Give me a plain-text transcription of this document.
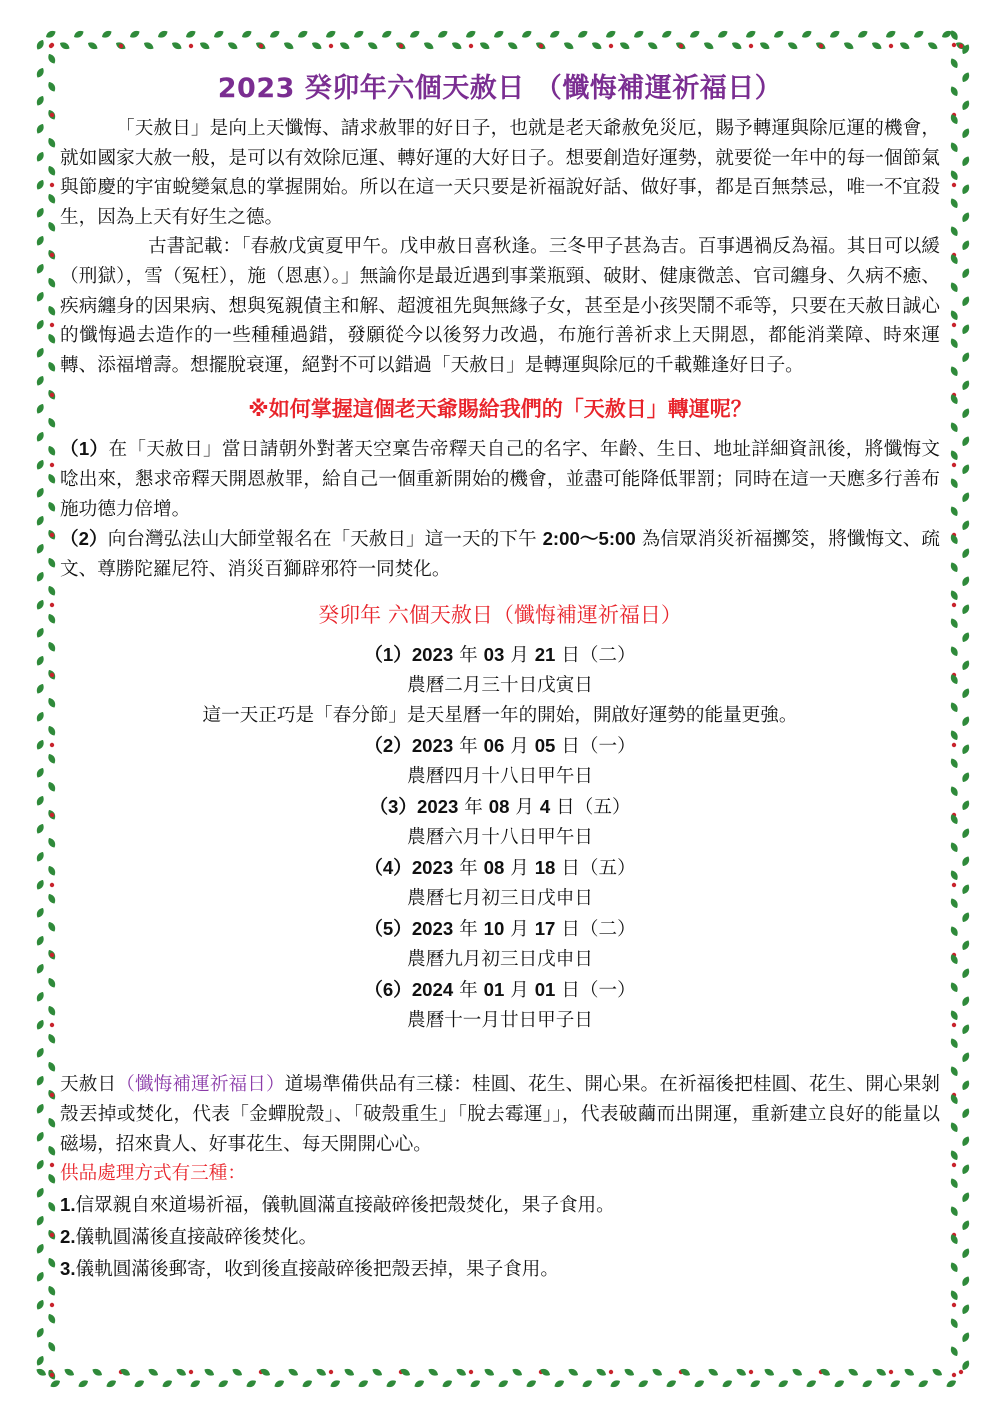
2023 癸卯年六個天赦日 （懺悔補運祈福日）

「天赦日」是向上天懺悔、請求赦罪的好日子，也就是老天爺赦免災厄，賜予轉運與除厄運的機會，就如國家大赦一般，是可以有效除厄運、轉好運的大好日子。想要創造好運勢，就要從一年中的每一個節氣與節慶的宇宙蛻變氣息的掌握開始。所以在這一天只要是祈福說好話、做好事，都是百無禁忌，唯一不宜殺生，因為上天有好生之德。

古書記載：「春赦戊寅夏甲午。戊申赦日喜秋逢。三冬甲子甚為吉。百事遇禍反為福。其日可以緩（刑獄），雪（冤枉），施（恩惠）。」無論你是最近遇到事業瓶頸、破財、健康微恙、官司纏身、久病不癒、疾病纏身的因果病、想與冤親債主和解、超渡祖先與無緣子女，甚至是小孩哭鬧不乖等，只要在天赦日誠心的懺悔過去造作的一些種種過錯，發願從今以後努力改過，布施行善祈求上天開恩，都能消業障、時來運轉、添福增壽。想擺脫衰運，絕對不可以錯過「天赦日」是轉運與除厄的千載難逢好日子。

※如何掌握這個老天爺賜給我們的「天赦日」轉運呢？

（1）在「天赦日」當日請朝外對著天空稟告帝釋天自己的名字、年齡、生日、地址詳細資訊後，將懺悔文唸出來，懇求帝釋天開恩赦罪，給自己一個重新開始的機會，並盡可能降低罪罰；同時在這一天應多行善布施功德力倍增。

（2）向台灣弘法山大師堂報名在「天赦日」這一天的下午 2:00～5:00 為信眾消災祈福擲筊，將懺悔文、疏文、尊勝陀羅尼符、消災百獅辟邪符一同焚化。

癸卯年 六個天赦日（懺悔補運祈福日）
（1）2023 年 03 月 21 日（二）
農曆二月三十日戊寅日
這一天正巧是「春分節」是天星曆一年的開始，開啟好運勢的能量更強。
（2）2023 年 06 月 05 日（一）
農曆四月十八日甲午日
（3）2023 年 08 月 4 日（五）
農曆六月十八日甲午日
（4）2023 年 08 月 18 日（五）
農曆七月初三日戊申日
（5）2023 年 10 月 17 日（二）
農曆九月初三日戊申日
（6）2024 年 01 月 01 日（一）
農曆十一月廿日甲子日

天赦日（懺悔補運祈福日）道場準備供品有三樣：桂圓、花生、開心果。在祈福後把桂圓、花生、開心果剝殼丟掉或焚化，代表「金蟬脫殼」、「破殼重生」「脫去霉運」」，代表破繭而出開運，重新建立良好的能量以磁場，招來貴人、好事花生、每天開開心心。

供品處理方式有三種：
1.信眾親自來道場祈福，儀軌圓滿直接敲碎後把殼焚化，果子食用。
2.儀軌圓滿後直接敲碎後焚化。
3.儀軌圓滿後郵寄，收到後直接敲碎後把殼丟掉，果子食用。
